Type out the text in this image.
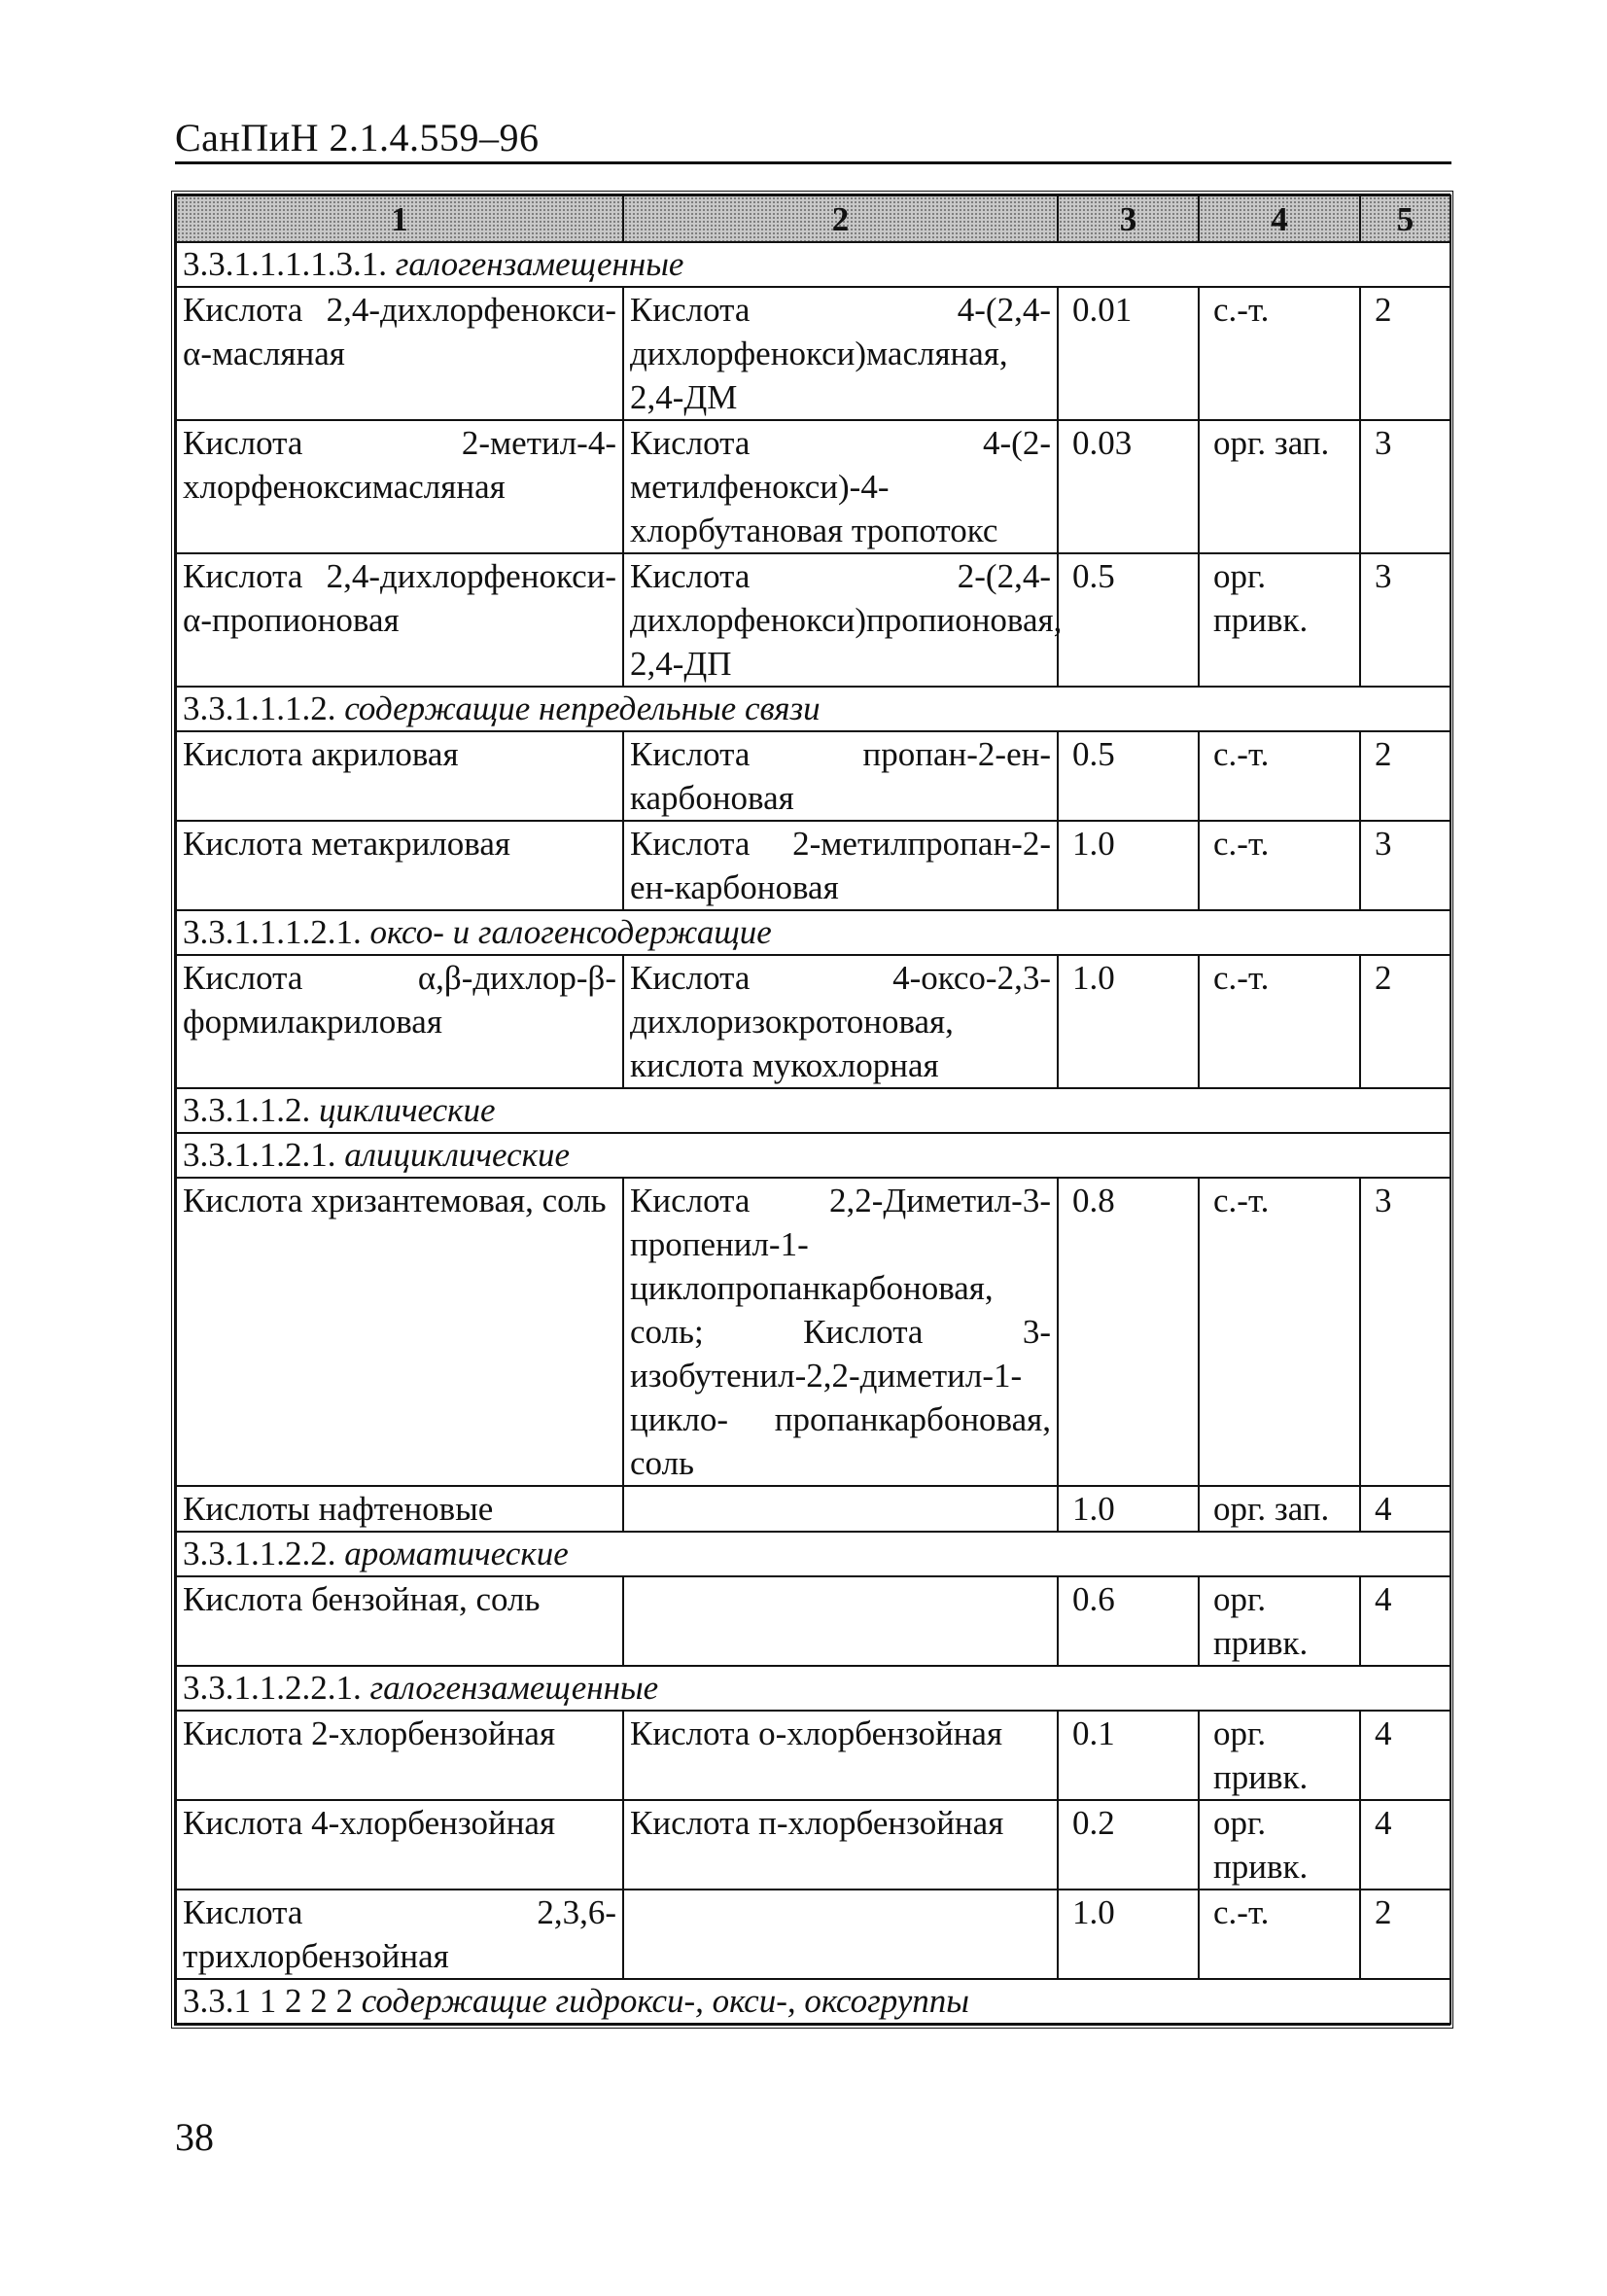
СанПиН 2.1.4.559–96
1	2	3	4	5
3.3.1.1.1.1.3.1. галогензамещенные				
Кислота 2,4-дихлорфенокси-α-масляная	Кислота 4-(2,4-дихлорфенокси)масляная, 2,4-ДМ	0.01	с.-т.	2
Кислота 2-метил-4-хлорфеноксимасляная	Кислота 4-(2-метилфенокси)-4-хлорбутановая тропотокс	0.03	орг. зап.	3
Кислота 2,4-дихлорфенокси-α-пропионовая	Кислота 2-(2,4-дихлорфенокси)пропионовая, 2,4-ДП	0.5	орг. привк.	3
3.3.1.1.1.2. содержащие непредельные связи				
Кислота акриловая	Кислота пропан-2-ен- карбоновая	0.5	с.-т.	2
Кислота метакриловая	Кислота 2-метилпропан-2-ен-карбоновая	1.0	с.-т.	3
3.3.1.1.1.2.1. оксо- и галогенсодержащие				
Кислота α,β-дихлор-β-формилакриловая	Кислота 4-оксо-2,3-дихлоризокротоновая, кислота мукохлорная	1.0	с.-т.	2
3.3.1.1.2. циклические				
3.3.1.1.2.1. алициклические				
Кислота хризантемовая, соль	Кислота 2,2-Диметил-3-пропенил-1-циклопропанкарбоновая, соль; Кислота 3-изобутенил-2,2-диметил-1-цикло- пропанкарбоновая, соль	0.8	с.-т.	3
Кислоты нафтеновые		1.0	орг. зап.	4
3.3.1.1.2.2. ароматические				
Кислота бензойная, соль		0.6	орг. привк.	4
3.3.1.1.2.2.1. галогензамещенные				
Кислота 2-хлорбензойная	Кислота о-хлорбензойная	0.1	орг. привк.	4
Кислота 4-хлорбензойная	Кислота п-хлорбензойная	0.2	орг. привк.	4
Кислота 2,3,6-трихлорбензойная		1.0	с.-т.	2
3.3.1 1 2 2 2 содержащие гидрокси-, окси-, оксогруппы				
38
